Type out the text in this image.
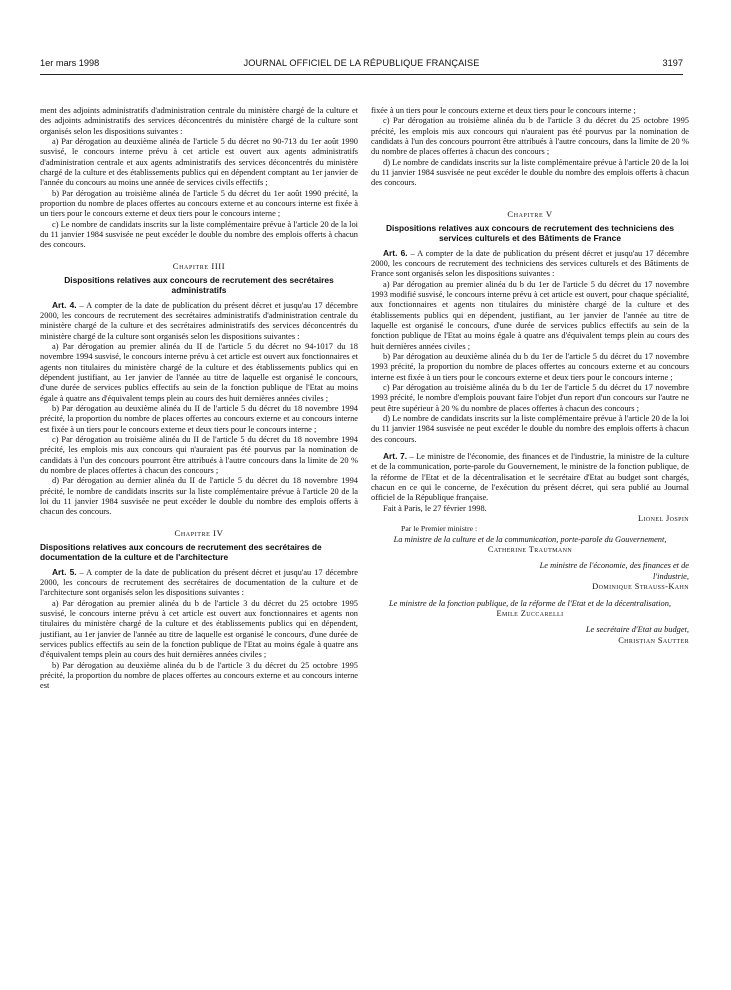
1er mars 1998	JOURNAL OFFICIEL DE LA RÉPUBLIQUE FRANÇAISE	3197

ment des adjoints administratifs d'administration centrale du ministère chargé de la culture et des adjoints administratifs des services déconcentrés du ministère chargé de la culture sont organisés selon les dispositions suivantes :

a) Par dérogation au deuxième alinéa de l'article 5 du décret no 90-713 du 1er août 1990 susvisé, le concours interne prévu à cet article est ouvert aux agents administratifs d'administration centrale et aux agents administratifs des services déconcentrés du ministère chargé de la culture et des établissements publics qui en dépendent comptant au 1er janvier de l'année du concours au moins une année de services civils effectifs ;

b) Par dérogation au troisième alinéa de l'article 5 du décret du 1er août 1990 précité, la proportion du nombre de places offertes au concours externe et au concours interne est fixée à un tiers pour le concours externe et deux tiers pour le concours interne ;

c) Le nombre de candidats inscrits sur la liste complémentaire prévue à l'article 20 de la loi du 11 janvier 1984 susvisée ne peut excéder le double du nombre des emplois offerts à chacun des concours.

Chapitre IIII
Dispositions relatives aux concours de recrutement des secrétaires administratifs

Art. 4. – A compter de la date de publication du présent décret et jusqu'au 17 décembre 2000, les concours de recrutement des secrétaires administratifs d'administration centrale du ministère chargé de la culture et des secrétaires administratifs des services déconcentrés du ministère chargé de la culture sont organisés selon les dispositions suivantes :

a) Par dérogation au premier alinéa du II de l'article 5 du décret no 94-1017 du 18 novembre 1994 susvisé, le concours interne prévu à cet article est ouvert aux fonctionnaires et agents non titulaires du ministère chargé de la culture et des établissements publics qui en dépendent justifiant, au 1er janvier de l'année au titre de laquelle est organisé le concours, d'une durée de services publics effectifs au sein de la fonction publique de l'Etat au moins égale à quatre ans d'équivalent temps plein au cours des huit dernières années civiles ;

b) Par dérogation au deuxième alinéa du II de l'article 5 du décret du 18 novembre 1994 précité, la proportion du nombre de places offertes au concours externe et au concours interne est fixée à un tiers pour le concours externe et deux tiers pour le concours interne ;

c) Par dérogation au troisième alinéa du II de l'article 5 du décret du 18 novembre 1994 précité, les emplois mis aux concours qui n'auraient pas été pourvus par la nomination de candidats à l'un des concours pourront être attribués à l'autre concours dans la limite de 20 % du nombre de places offertes à chacun des concours ;

d) Par dérogation au dernier alinéa du II de l'article 5 du décret du 18 novembre 1994 précité, le nombre de candidats inscrits sur la liste complémentaire prévue à l'article 20 de la loi du 11 janvier 1984 susvisée ne peut excéder le double du nombre des emplois offerts à chacun des concours.

Chapitre IV
Dispositions relatives aux concours de recrutement des secrétaires de documentation de la culture et de l'architecture

Art. 5. – A compter de la date de publication du présent décret et jusqu'au 17 décembre 2000, les concours de recrutement des secrétaires de documentation de la culture et de l'architecture sont organisés selon les dispositions suivantes :

a) Par dérogation au premier alinéa du b de l'article 3 du décret du 25 octobre 1995 susvisé, le concours interne prévu à cet article est ouvert aux fonctionnaires et agents non titulaires du ministère chargé de la culture et des établissements publics qui en dépendent, justifiant, au 1er janvier de l'année au titre de laquelle est organisé le concours, d'une durée de services publics effectifs au sein de la fonction publique de l'Etat au moins égale à quatre ans d'équivalent temps plein au cours des huit dernières années civiles ;

b) Par dérogation au deuxième alinéa du b de l'article 3 du décret du 25 octobre 1995 précité, la proportion du nombre de places offertes au concours externe et au concours interne est

fixée à un tiers pour le concours externe et deux tiers pour le concours interne ;

c) Par dérogation au troisième alinéa du b de l'article 3 du décret du 25 octobre 1995 précité, les emplois mis aux concours qui n'auraient pas été pourvus par la nomination de candidats à l'un des concours pourront être attribués à l'autre concours, dans la limite de 20 % du nombre de places offertes à chacun des concours ;

d) Le nombre de candidats inscrits sur la liste complémentaire prévue à l'article 20 de la loi du 11 janvier 1984 susvisée ne peut excéder le double du nombre des emplois offerts à chacun des concours.

Chapitre V
Dispositions relatives aux concours de recrutement des techniciens des services culturels et des Bâtiments de France

Art. 6. – A compter de la date de publication du présent décret et jusqu'au 17 décembre 2000, les concours de recrutement des techniciens des services culturels et des Bâtiments de France sont organisés selon les dispositions suivantes :

a) Par dérogation au premier alinéa du b du 1er de l'article 5 du décret du 17 novembre 1993 modifié susvisé, le concours interne prévu à cet article est ouvert, pour chaque spécialité, aux fonctionnaires et agents non titulaires du ministère chargé de la culture et des établissements publics qui en dépendent, justifiant, au 1er janvier de l'année au titre de laquelle est organisé le concours, d'une durée de services publics effectifs au sein de la fonction publique de l'Etat au moins égale à quatre ans d'équivalent temps plein au cours des huit dernières années civiles ;

b) Par dérogation au deuxième alinéa du b du 1er de l'article 5 du décret du 17 novembre 1993 précité, la proportion du nombre de places offertes au concours externe et au concours interne est fixée à un tiers pour le concours externe et deux tiers pour le concours interne ;

c) Par dérogation au troisième alinéa du b du 1er de l'article 5 du décret du 17 novembre 1993 précité, le nombre d'emplois pouvant faire l'objet d'un report d'un concours sur l'autre ne peut être supérieur à 20 % du nombre de places offertes à chacun des concours ;

d) Le nombre de candidats inscrits sur la liste complémentaire prévue à l'article 20 de la loi du 11 janvier 1984 susvisée ne peut excéder le double du nombre des emplois offerts à chacun des concours.

Art. 7. – Le ministre de l'économie, des finances et de l'industrie, la ministre de la culture et de la communication, porte-parole du Gouvernement, le ministre de la fonction publique, de la réforme de l'Etat et de la décentralisation et le secrétaire d'Etat au budget sont chargés, chacun en ce qui le concerne, de l'exécution du présent décret, qui sera publié au Journal officiel de la République française.

Fait à Paris, le 27 février 1998.

Lionel Jospin

Par le Premier ministre :

La ministre de la culture et de la communication, porte-parole du Gouvernement,

Catherine Trautmann

Le ministre de l'économie, des finances et de l'industrie,

Dominique Strauss-Kahn

Le ministre de la fonction publique, de la réforme de l'Etat et de la décentralisation,

Emile Zuccarelli

Le secrétaire d'Etat au budget,

Christian Sautter
